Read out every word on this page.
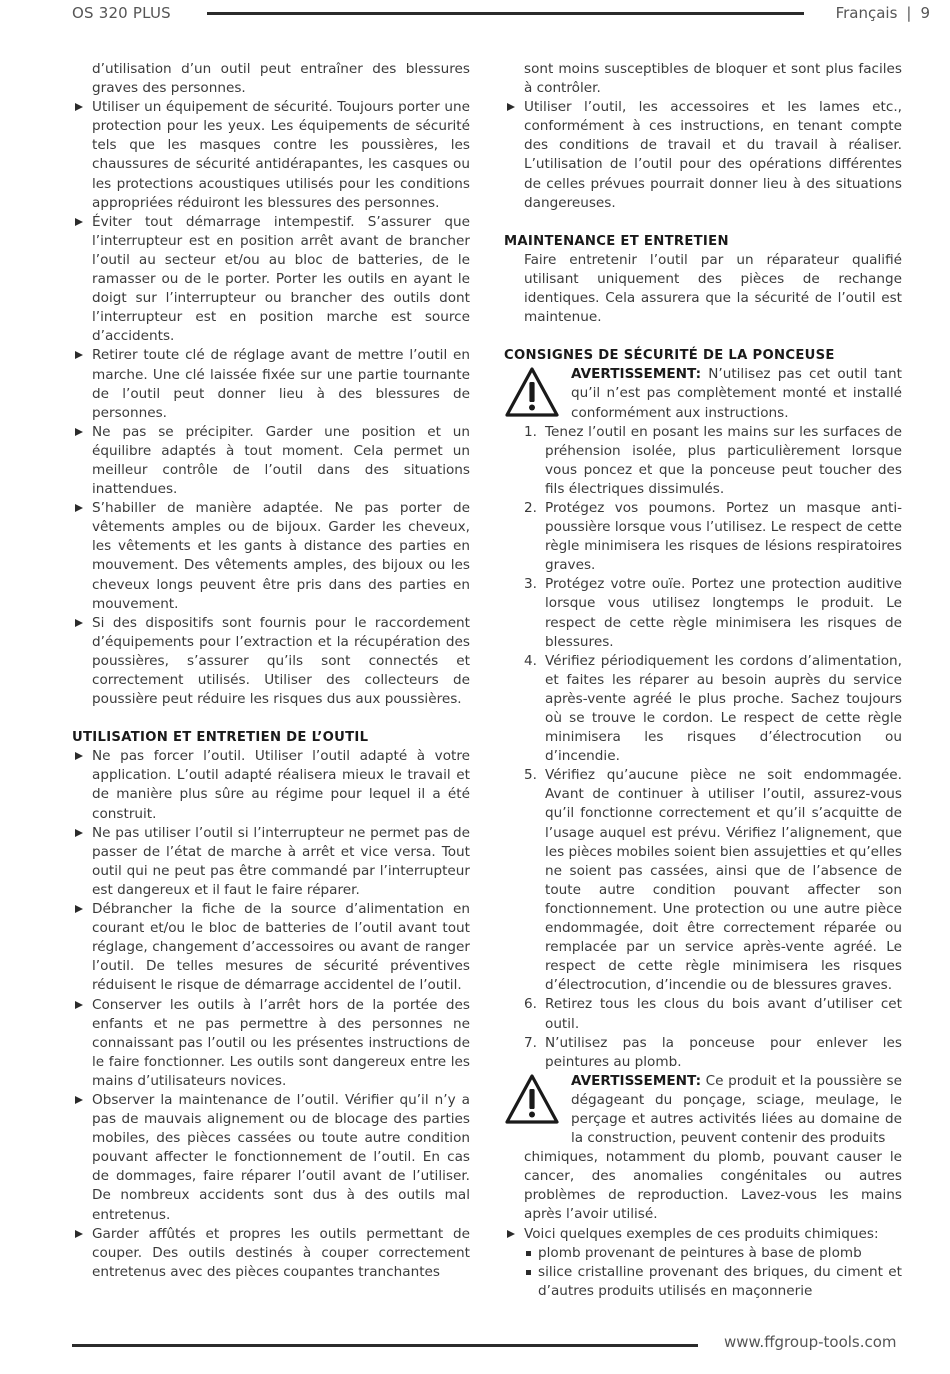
OS 320 PLUS	Français | 9

d’utilisation d’un outil peut entraîner des blessures graves des personnes.

Utiliser un équipement de sécurité. Toujours porter une protection pour les yeux. Les équipements de sécurité tels que les masques contre les poussières, les chaussures de sécurité antidérapantes, les casques ou les protections acoustiques utilisés pour les conditions appropriées réduiront les blessures des personnes.
Éviter tout démarrage intempestif. S’assurer que l’interrupteur est en position arrêt avant de brancher l’outil au secteur et/ou au bloc de batteries, de le ramasser ou de le porter. Porter les outils en ayant le doigt sur l’interrupteur ou brancher des outils dont l’interrupteur est en position marche est source d’accidents.
Retirer toute clé de réglage avant de mettre l’outil en marche. Une clé laissée fixée sur une partie tournante de l’outil peut donner lieu à des blessures de personnes.
Ne pas se précipiter. Garder une position et un équilibre adaptés à tout moment. Cela permet un meilleur contrôle de l’outil dans des situations inattendues.
S’habiller de manière adaptée. Ne pas porter de vêtements amples ou de bijoux. Garder les cheveux, les vêtements et les gants à distance des parties en mouvement. Des vêtements amples, des bijoux ou les cheveux longs peuvent être pris dans des parties en mouvement.
Si des dispositifs sont fournis pour le raccordement d’équipements pour l’extraction et la récupération des poussières, s’assurer qu’ils sont connectés et correctement utilisés. Utiliser des collecteurs de poussière peut réduire les risques dus aux poussières.
UTILISATION ET ENTRETIEN DE L’OUTIL
Ne pas forcer l’outil. Utiliser l’outil adapté à votre application. L’outil adapté réalisera mieux le travail et de manière plus sûre au régime pour lequel il a été construit.
Ne pas utiliser l’outil si l’interrupteur ne permet pas de passer de l’état de marche à arrêt et vice versa. Tout outil qui ne peut pas être commandé par l’interrupteur est dangereux et il faut le faire réparer.
Débrancher la fiche de la source d’alimentation en courant et/ou le bloc de batteries de l’outil avant tout réglage, changement d’accessoires ou avant de ranger l’outil. De telles mesures de sécurité préventives réduisent le risque de démarrage accidentel de l’outil.
Conserver les outils à l’arrêt hors de la portée des enfants et ne pas permettre à des personnes ne connaissant pas l’outil ou les présentes instructions de le faire fonctionner. Les outils sont dangereux entre les mains d’utilisateurs novices.
Observer la maintenance de l’outil. Vérifier qu’il n’y a pas de mauvais alignement ou de blocage des parties mobiles, des pièces cassées ou toute autre condition pouvant affecter le fonctionnement de l’outil. En cas de dommages, faire réparer l’outil avant de l’utiliser. De nombreux accidents sont dus à des outils mal entretenus.
Garder affûtés et propres les outils permettant de couper. Des outils destinés à couper correctement entretenus avec des pièces coupantes tranchantes

sont moins susceptibles de bloquer et sont plus faciles à contrôler.

Utiliser l’outil, les accessoires et les lames etc., conformément à ces instructions, en tenant compte des conditions de travail et du travail à réaliser. L’utilisation de l’outil pour des opérations différentes de celles prévues pourrait donner lieu à des situations dangereuses.
MAINTENANCE ET ENTRETIEN

Faire entretenir l’outil par un réparateur qualifié utilisant uniquement des pièces de rechange identiques. Cela assurera que la sécurité de l’outil est maintenue.

CONSIGNES DE SÉCURITÉ DE LA PONCEUSE
AVERTISSEMENT: N’utilisez pas cet outil tant qu’il n’est pas complètement monté et installé conformément aux instructions.
1. Tenez l’outil en posant les mains sur les surfaces de préhension isolée, plus particulièrement lorsque vous poncez et que la ponceuse peut toucher des fils électriques dissimulés.
2. Protégez vos poumons. Portez un masque anti-poussière lorsque vous l’utilisez. Le respect de cette règle minimisera les risques de lésions respiratoires graves.
3. Protégez votre ouïe. Portez une protection auditive lorsque vous utilisez longtemps le produit. Le respect de cette règle minimisera les risques de blessures.
4. Vérifiez périodiquement les cordons d’alimentation, et faites les réparer au besoin auprès du service après-vente agréé le plus proche. Sachez toujours où se trouve le cordon. Le respect de cette règle minimisera les risques d’électrocution ou d’incendie.
5. Vérifiez qu’aucune pièce ne soit endommagée. Avant de continuer à utiliser l’outil, assurez-vous qu’il fonctionne correctement et qu’il s’acquitte de l’usage auquel est prévu. Vérifiez l’alignement, que les pièces mobiles soient bien assujetties et qu’elles ne soient pas cassées, ainsi que de l’absence de toute autre condition pouvant affecter son fonctionnement. Une protection ou une autre pièce endommagée, doit être correctement réparée ou remplacée par un service après-vente agréé. Le respect de cette règle minimisera les risques d’électrocution, d’incendie ou de blessures graves.
6. Retirez tous les clous du bois avant d’utiliser cet outil.
7. N’utilisez pas la ponceuse pour enlever les peintures au plomb.
AVERTISSEMENT: Ce produit et la poussière se dégageant du ponçage, sciage, meulage, le perçage et autres activités liées au domaine de la construction, peuvent contenir des produits

chimiques, notamment du plomb, pouvant causer le cancer, des anomalies congénitales ou autres problèmes de reproduction. Lavez-vous les mains après l’avoir utilisé.

Voici quelques exemples de ces produits chimiques:
plomb provenant de peintures à base de plomb
silice cristalline provenant des briques, du ciment et d’autres produits utilisés en maçonnerie
www.ffgroup-tools.com
